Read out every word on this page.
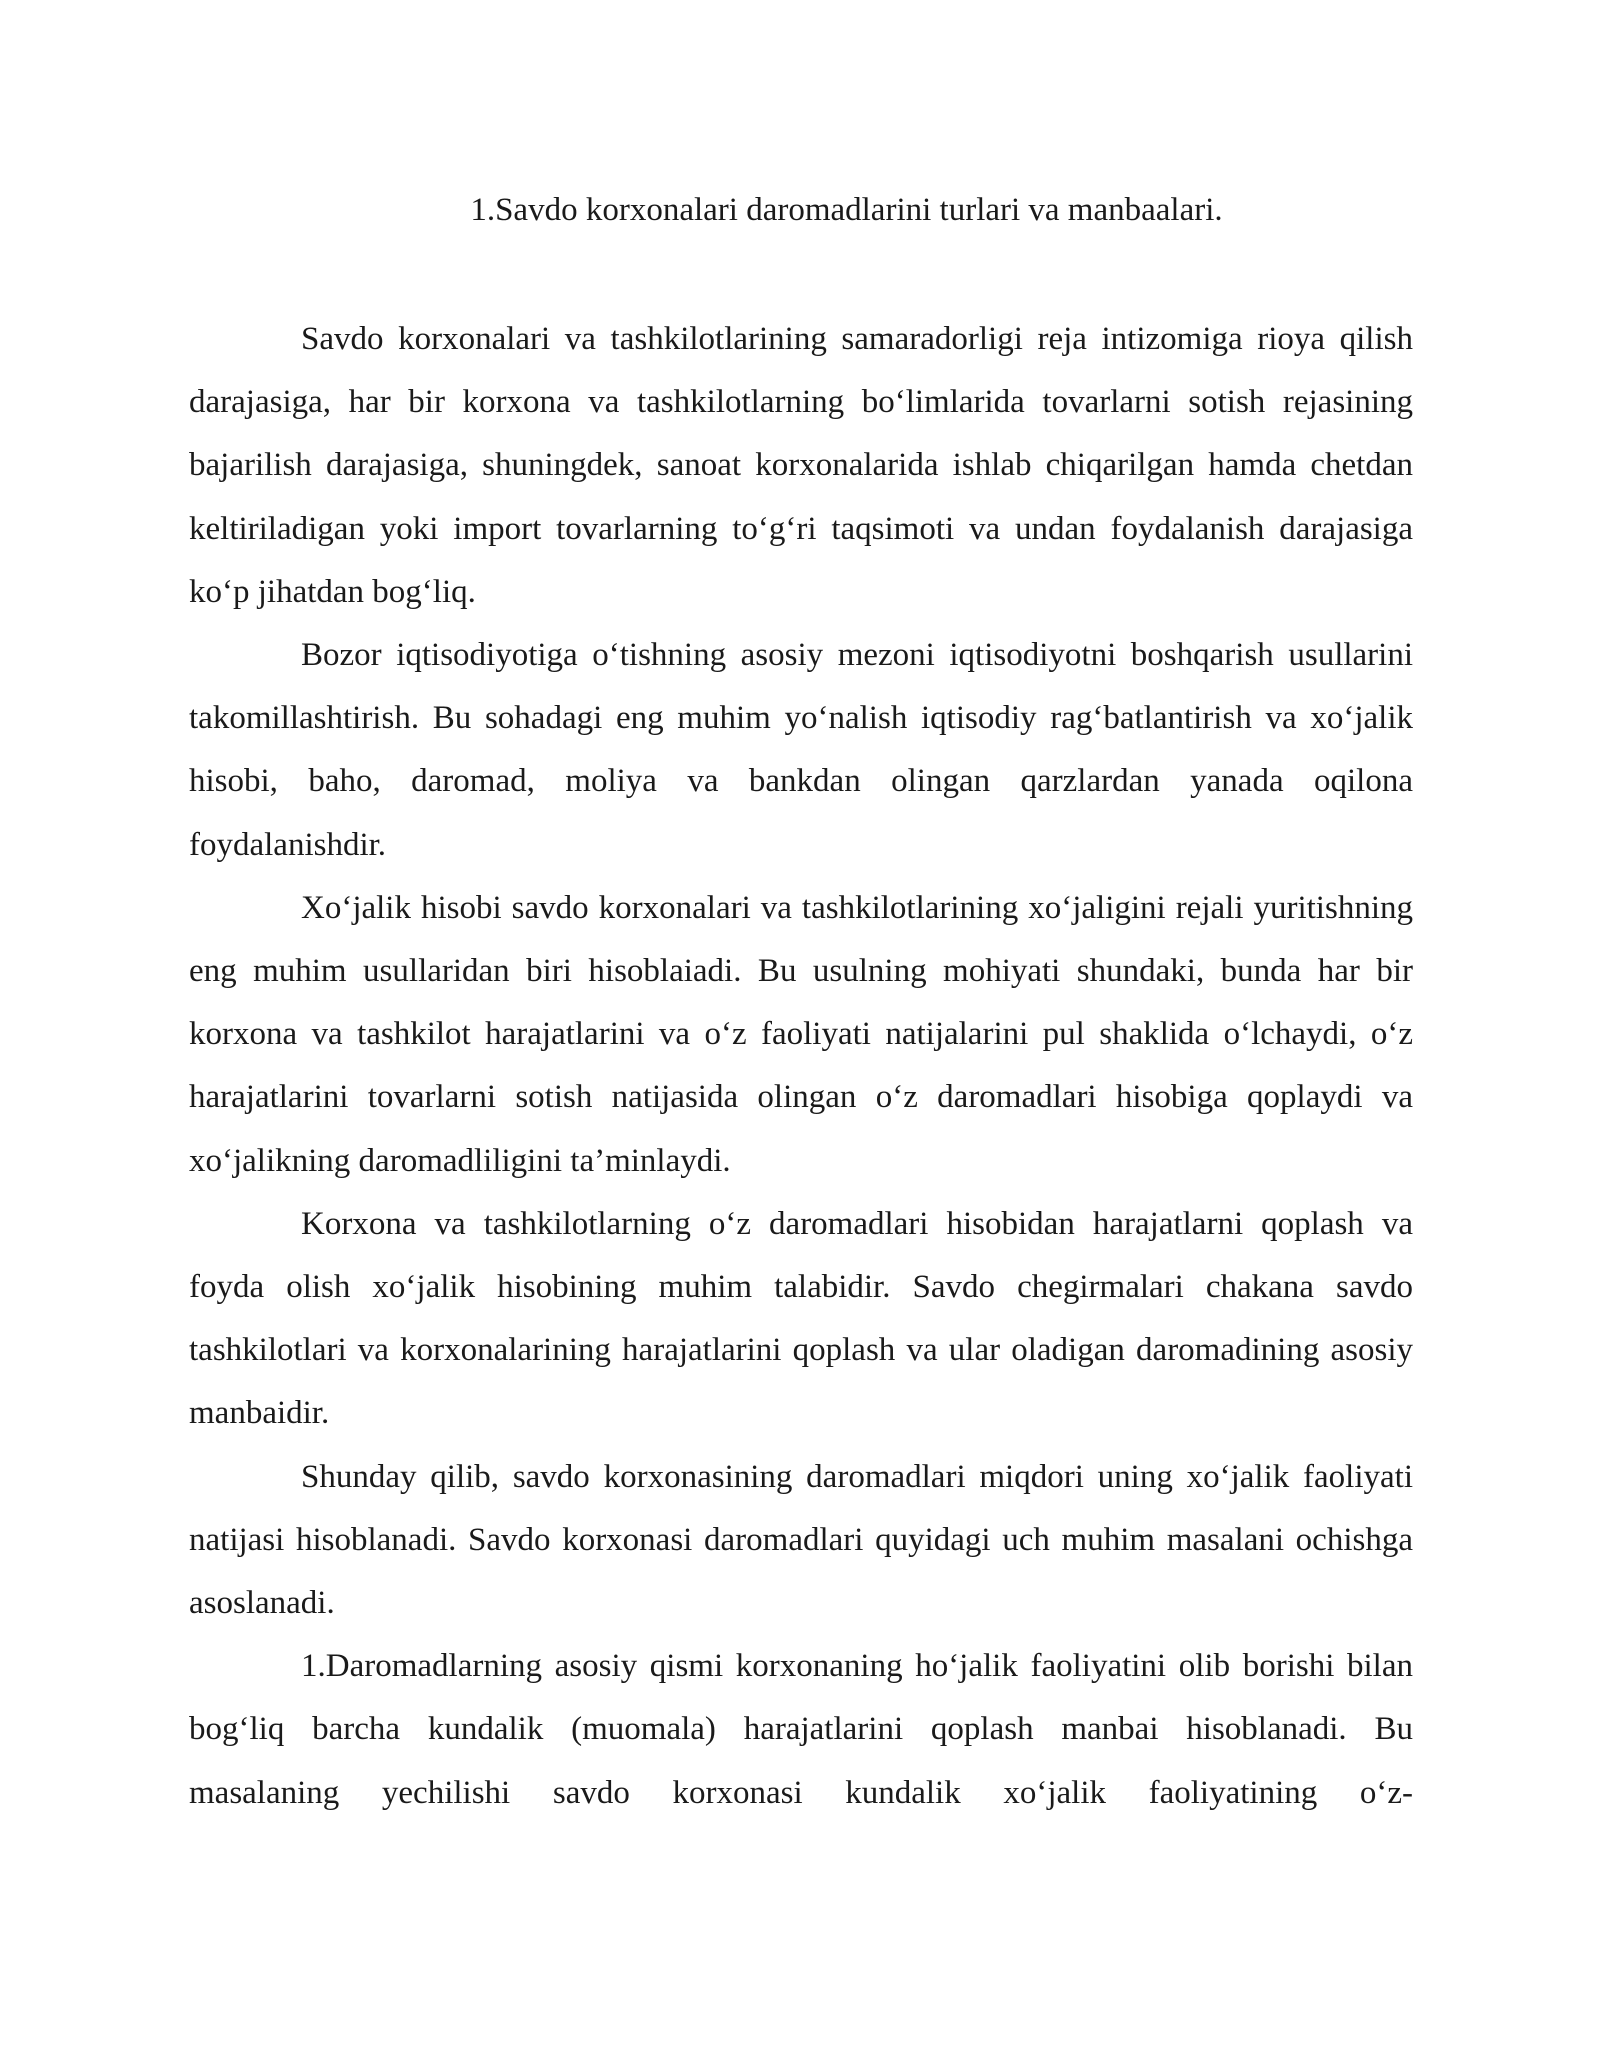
1.Savdo korxonalari daromadlarini turlari va manbaalari.

Savdo korxonalari va tashkilotlarining samaradorligi reja intizomiga rioya qilish darajasiga, har bir korxona va tashkilotlarning bo‘limlarida tovarlarni sotish rejasining bajarilish darajasiga, shuningdek, sanoat korxonalarida ishlab chiqarilgan hamda chetdan keltiriladigan yoki import tovarlarning to‘g‘ri taqsimoti va undan foydalanish darajasiga ko‘p jihatdan bog‘liq.

Bozor iqtisodiyotiga o‘tishning asosiy mezoni iqtisodiyotni boshqarish usullarini takomillashtirish. Bu sohadagi eng muhim yo‘nalish iqtisodiy rag‘batlantirish va xo‘jalik hisobi, baho, daromad, moliya va bankdan olingan qarzlardan yanada oqilona foydalanishdir.

Xo‘jalik hisobi savdo korxonalari va tashkilotlarining xo‘jaligini rejali yuritishning eng muhim usullaridan biri hisoblaiadi. Bu usulning mohiyati shundaki, bunda har bir korxona va tashkilot harajatlarini va o‘z faoliyati natijalarini pul shaklida o‘lchaydi, o‘z harajatlarini tovarlarni sotish natijasida olingan o‘z daromadlari hisobiga qoplaydi va xo‘jalikning daromadliligini ta’minlaydi.

Korxona va tashkilotlarning o‘z daromadlari hisobidan harajatlarni qoplash va foyda olish xo‘jalik hisobining muhim talabidir. Savdo chegirmalari chakana savdo tashkilotlari va korxonalarining harajatlarini qoplash va ular oladigan daromadining asosiy manbaidir.

Shunday qilib, savdo korxonasining daromadlari miqdori uning xo‘jalik faoliyati natijasi hisoblanadi. Savdo korxonasi daromadlari quyidagi uch muhim masalani ochishga asoslanadi.

1.Daromadlarning asosiy qismi korxonaning ho‘jalik faoliyatini olib borishi bilan bog‘liq barcha kundalik (muomala) harajatlarini qoplash manbai hisoblanadi. Bu masalaning yechilishi savdo korxonasi kundalik xo‘jalik faoliyatining o‘z-
